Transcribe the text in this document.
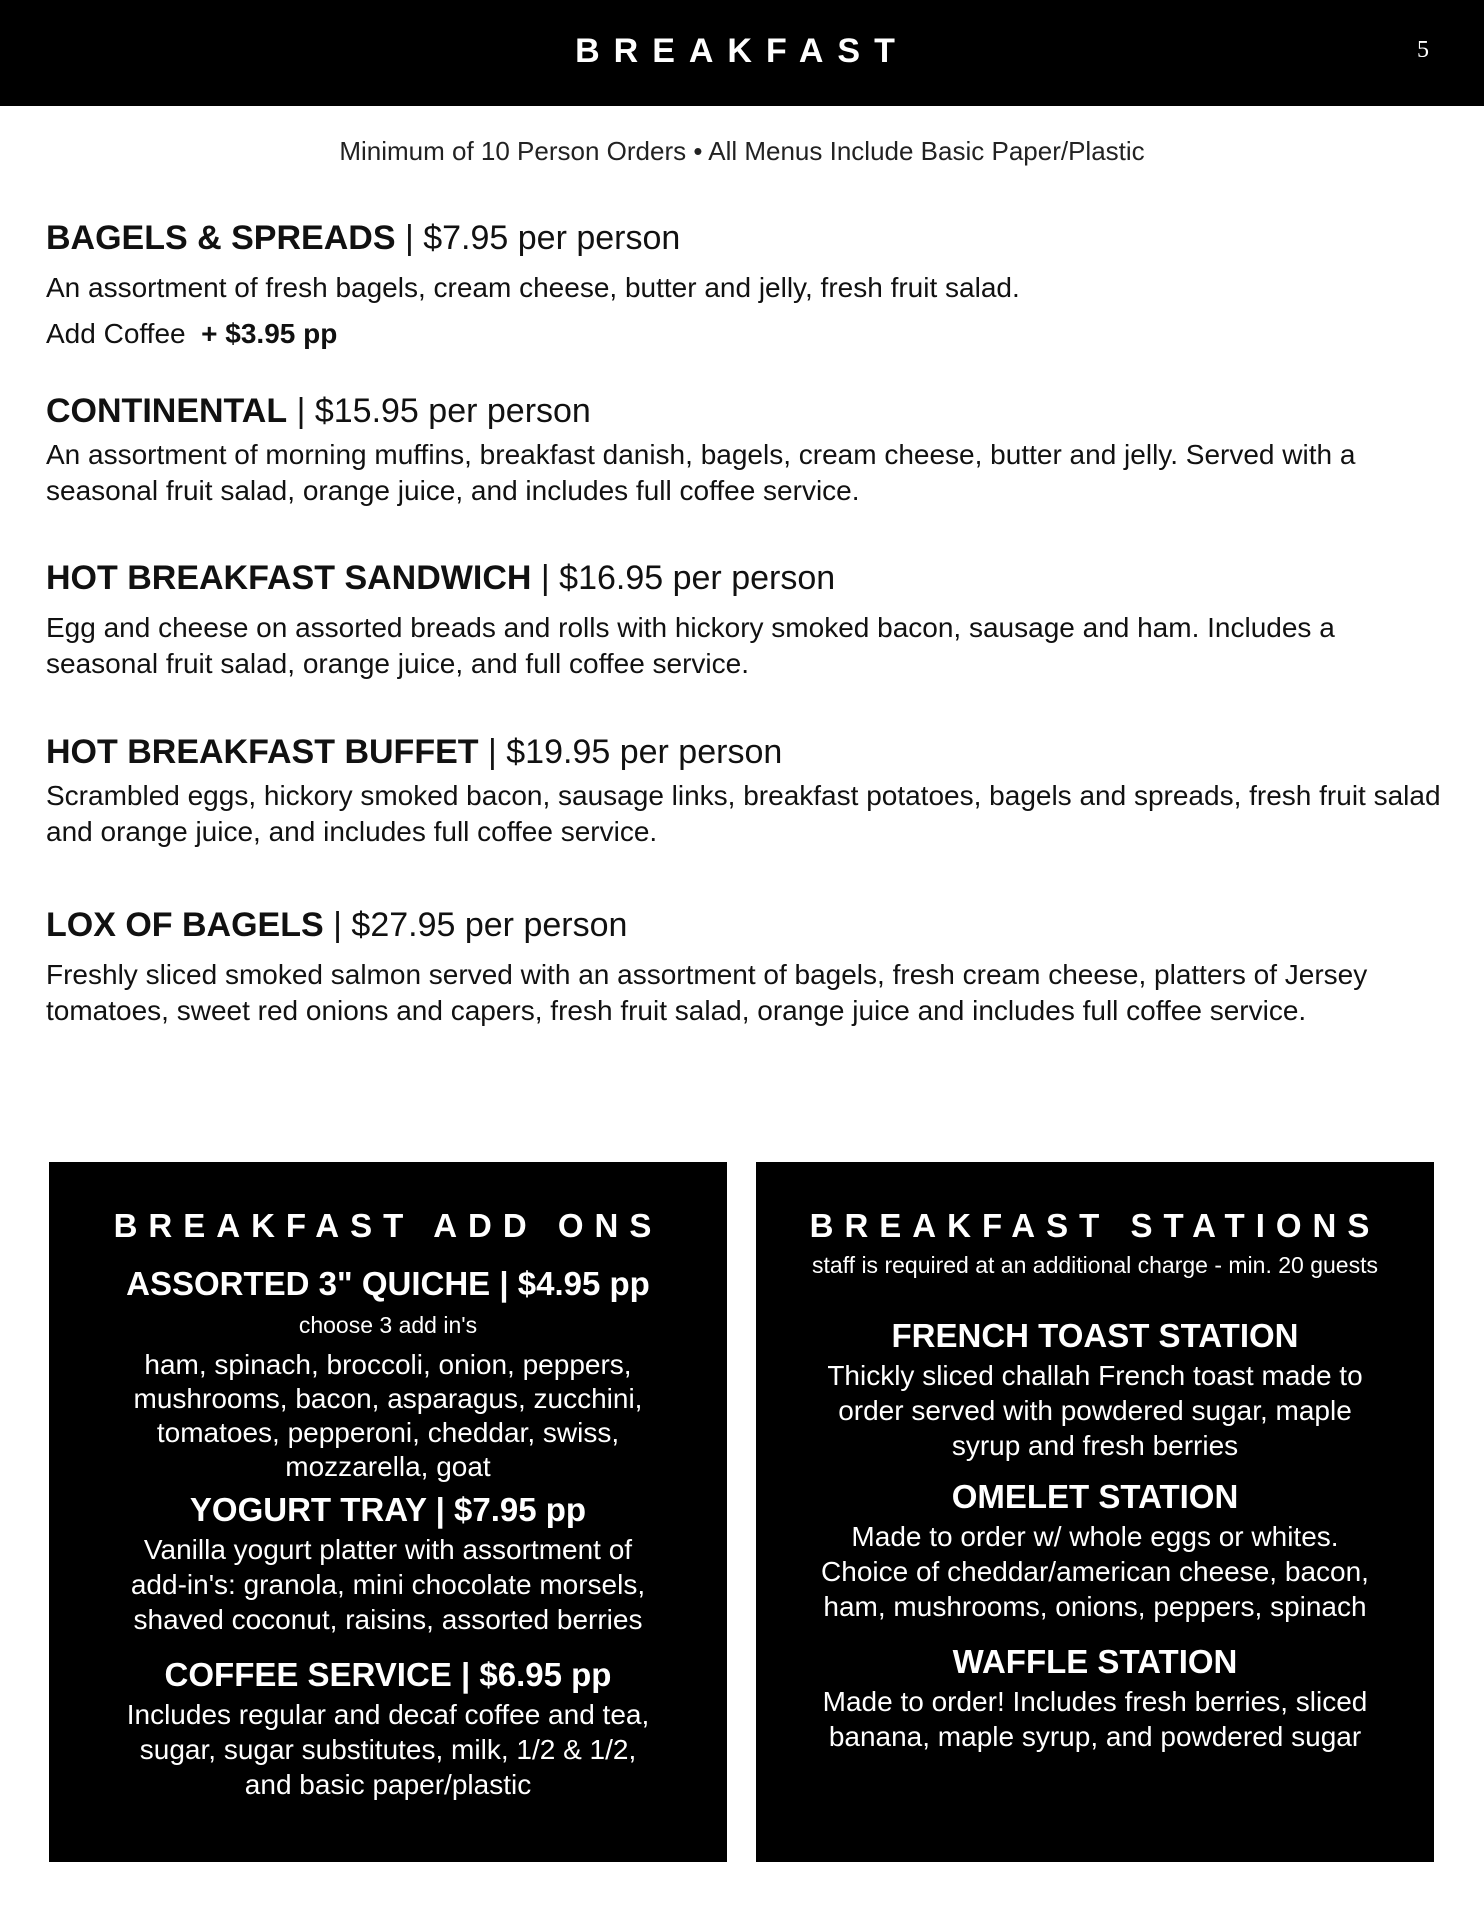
BREAKFAST	5
Minimum of 10 Person Orders • All Menus Include Basic Paper/Plastic
BAGELS & SPREADS | $7.95 per person
An assortment of fresh bagels, cream cheese, butter and jelly, fresh fruit salad.
Add Coffee + $3.95 pp
CONTINENTAL | $15.95 per person
An assortment of morning muffins, breakfast danish, bagels, cream cheese, butter and jelly. Served with a seasonal fruit salad, orange juice, and includes full coffee service.
HOT BREAKFAST SANDWICH | $16.95 per person
Egg and cheese on assorted breads and rolls with hickory smoked bacon, sausage and ham. Includes a seasonal fruit salad, orange juice, and full coffee service.
HOT BREAKFAST BUFFET | $19.95 per person
Scrambled eggs, hickory smoked bacon, sausage links, breakfast potatoes, bagels and spreads, fresh fruit salad and orange juice, and includes full coffee service.
LOX OF BAGELS | $27.95 per person
Freshly sliced smoked salmon served with an assortment of bagels, fresh cream cheese, platters of Jersey tomatoes, sweet red onions and capers, fresh fruit salad, orange juice and includes full coffee service.
BREAKFAST ADD ONS
ASSORTED 3" QUICHE | $4.95 pp
choose 3 add in's
ham, spinach, broccoli, onion, peppers,
mushrooms, bacon, asparagus, zucchini,
tomatoes, pepperoni, cheddar, swiss,
mozzarella, goat
YOGURT TRAY | $7.95 pp
Vanilla yogurt platter with assortment of
add-in's: granola, mini chocolate morsels,
shaved coconut, raisins, assorted berries
COFFEE SERVICE | $6.95 pp
Includes regular and decaf coffee and tea,
sugar, sugar substitutes, milk, 1/2 & 1/2,
and basic paper/plastic
BREAKFAST STATIONS
staff is required at an additional charge - min. 20 guests
FRENCH TOAST STATION
Thickly sliced challah French toast made to
order served with powdered sugar, maple
syrup and fresh berries
OMELET STATION
Made to order w/ whole eggs or whites.
Choice of cheddar/american cheese, bacon,
ham, mushrooms, onions, peppers, spinach
WAFFLE STATION
Made to order! Includes fresh berries, sliced
banana, maple syrup, and powdered sugar
